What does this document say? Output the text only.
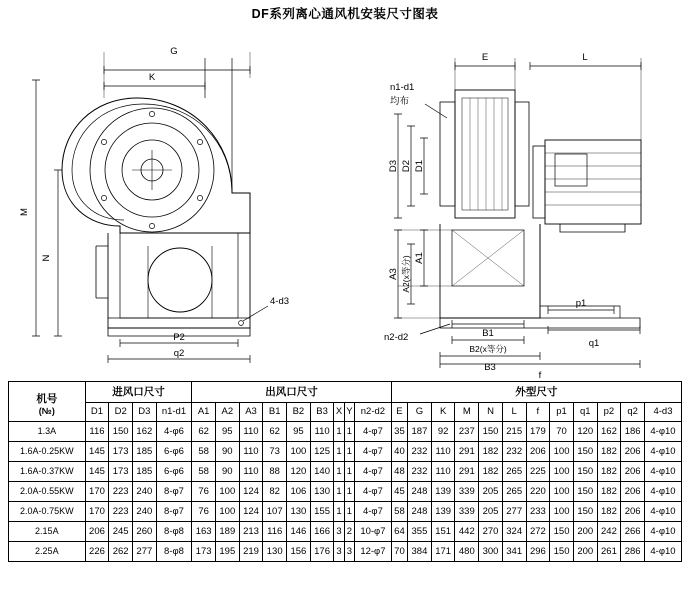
DF系列离心通风机安装尺寸图表
G
K
M
N
P2
q2
4-d3
E	L
n1-d1
均布
D3 D2 D1
A3
A1
A2(x等分)
B1
B2(x等分)
B3
n2-d2
p1
q1
f
机号
(№)	进风口尺寸				出风口尺寸									外型尺寸											
	D1	D2	D3	n1-d1	A1	A2	A3	B1	B2	B3	X	Y	n2-d2	E	G	K	M	N	L	f	p1	q1	p2	q2	4-d3
1.3A	116	150	162	4-φ6	62	95	110	62	95	110	1	1	4-φ7	35	187	92	237	150	215	179	70	120	162	186	4-φ10
1.6A-0.25KW	145	173	185	6-φ6	58	90	110	73	100	125	1	1	4-φ7	40	232	110	291	182	232	206	100	150	182	206	4-φ10
1.6A-0.37KW	145	173	185	6-φ6	58	90	110	88	120	140	1	1	4-φ7	48	232	110	291	182	265	225	100	150	182	206	4-φ10
2.0A-0.55KW	170	223	240	8-φ7	76	100	124	82	106	130	1	1	4-φ7	45	248	139	339	205	265	220	100	150	182	206	4-φ10
2.0A-0.75KW	170	223	240	8-φ7	76	100	124	107	130	155	1	1	4-φ7	58	248	139	339	205	277	233	100	150	182	206	4-φ10
2.15A	206	245	260	8-φ8	163	189	213	116	146	166	3	2	10-φ7	64	355	151	442	270	324	272	150	200	242	266	4-φ10
2.25A	226	262	277	8-φ8	173	195	219	130	156	176	3	3	12-φ7	70	384	171	480	300	341	296	150	200	261	286	4-φ10
